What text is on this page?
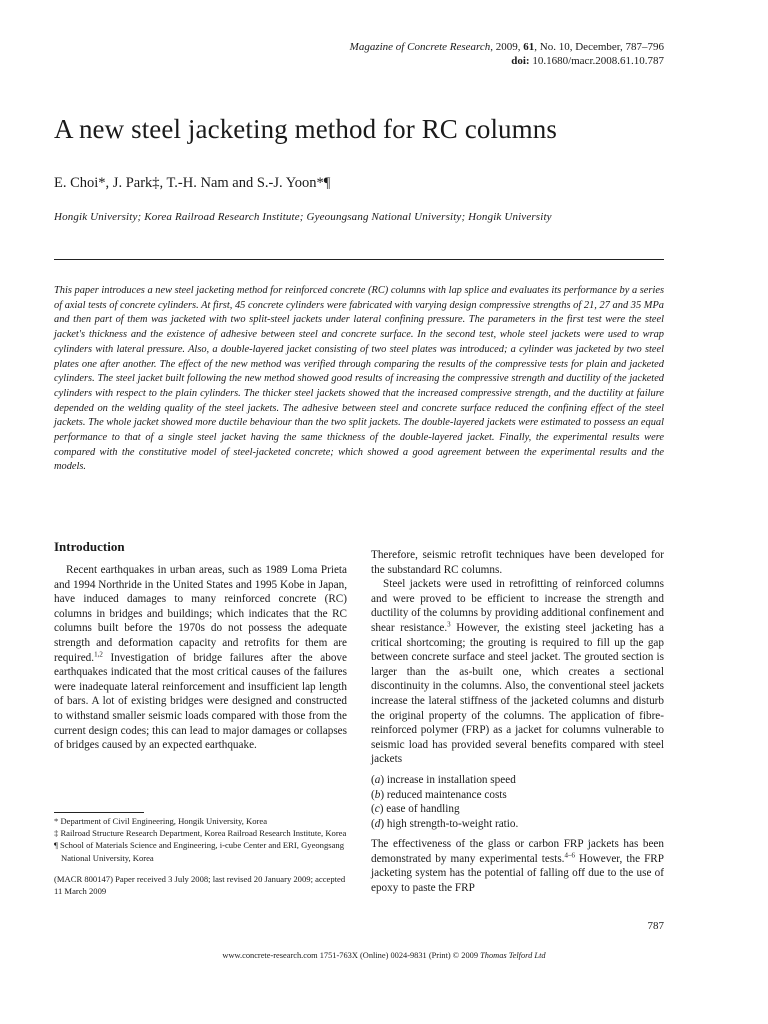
Magazine of Concrete Research, 2009, 61, No. 10, December, 787–796
doi: 10.1680/macr.2008.61.10.787
A new steel jacketing method for RC columns
E. Choi*, J. Park‡, T.-H. Nam and S.-J. Yoon*¶
Hongik University; Korea Railroad Research Institute; Gyeoungsang National University; Hongik University

This paper introduces a new steel jacketing method for reinforced concrete (RC) columns with lap splice and evaluates its performance by a series of axial tests of concrete cylinders. At first, 45 concrete cylinders were fabricated with varying design compressive strengths of 21, 27 and 35 MPa and then part of them was jacketed with two split-steel jackets under lateral confining pressure. The parameters in the first test were the steel jacket's thickness and the existence of adhesive between steel and concrete surface. In the second test, whole steel jackets were used to wrap cylinders with lateral pressure. Also, a double-layered jacket consisting of two steel plates was introduced; a cylinder was jacketed by two steel plates one after another. The effect of the new method was verified through comparing the results of the compressive tests for plain and jacketed cylinders. The steel jacket built following the new method showed good results of increasing the compressive strength and ductility of the jacketed cylinders with respect to the plain cylinders. The thicker steel jackets showed that the increased compressive strength, and the ductility at failure depended on the welding quality of the steel jackets. The adhesive between steel and concrete surface reduced the confining effect of the steel jackets. The whole jacket showed more ductile behaviour than the two split jackets. The double-layered jackets were estimated to possess an equal performance to that of a single steel jacket having the same thickness of the double-layered jacket. Finally, the experimental results were compared with the constitutive model of steel-jacketed concrete; which showed a good agreement between the experimental results and the models.

Introduction

Recent earthquakes in urban areas, such as 1989 Loma Prieta and 1994 Northride in the United States and 1995 Kobe in Japan, have induced damages to many reinforced concrete (RC) columns in bridges and buildings; which indicates that the RC columns built before the 1970s do not possess the adequate strength and deformation capacity and retrofits for them are required.$^{1,2}$ Investigation of bridge failures after the above earthquakes indicated that the most critical causes of the failures were inadequate lateral reinforcement and insufficient lap length of bars. A lot of existing bridges were designed and constructed to withstand smaller seismic loads compared with those from the current design codes; this can lead to major damages or collapses of bridges caused by an expected earthquake.

* Department of Civil Engineering, Hongik University, Korea

‡ Railroad Structure Research Department, Korea Railroad Research Institute, Korea

¶ School of Materials Science and Engineering, i-cube Center and ERI, Gyeongsang National University, Korea

(MACR 800147) Paper received 3 July 2008; last revised 20 January 2009; accepted 11 March 2009

Therefore, seismic retrofit techniques have been developed for the substandard RC columns.

Steel jackets were used in retrofitting of reinforced columns and were proved to be efficient to increase the strength and ductility of the columns by providing additional confinement and shear resistance.$^3$ However, the existing steel jacketing has a critical shortcoming; the grouting is required to fill up the gap between concrete surface and steel jacket. The grouted section is larger than the as-built one, which creates a sectional discontinuity in the columns. Also, the conventional steel jackets increase the lateral stiffness of the jacketed columns and disturb the original property of the columns. The application of fibre-reinforced polymer (FRP) as a jacket for columns vulnerable to seismic load has provided several benefits compared with steel jackets

(a) increase in installation speed
(b) reduced maintenance costs
(c) ease of handling
(d) high strength-to-weight ratio.

The effectiveness of the glass or carbon FRP jackets has been demonstrated by many experimental tests.$^{4-6}$ However, the FRP jacketing system has the potential of falling off due to the use of epoxy to paste the FRP

787
www.concrete-research.com 1751-763X (Online) 0024-9831 (Print) © 2009 Thomas Telford Ltd
